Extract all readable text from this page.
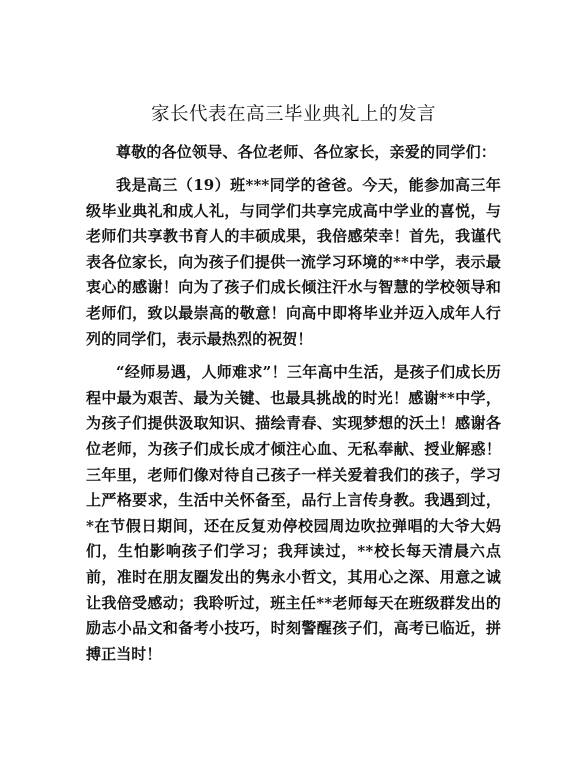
家长代表在高三毕业典礼上的发言

尊敬的各位领导、各位老师、各位家长，亲爱的同学们：

我是高三（19）班***同学的爸爸。今天，能参加高三年级毕业典礼和成人礼，与同学们共享完成高中学业的喜悦，与老师们共享教书育人的丰硕成果，我倍感荣幸！首先，我谨代表各位家长，向为孩子们提供一流学习环境的**中学，表示最衷心的感谢！向为了孩子们成长倾注汗水与智慧的学校领导和老师们，致以最崇高的敬意！向高中即将毕业并迈入成年人行列的同学们，表示最热烈的祝贺！

“经师易遇，人师难求”！三年高中生活，是孩子们成长历程中最为艰苦、最为关键、也最具挑战的时光！感谢**中学，为孩子们提供汲取知识、描绘青春、实现梦想的沃土！感谢各位老师，为孩子们成长成才倾注心血、无私奉献、授业解惑！三年里，老师们像对待自己孩子一样关爱着我们的孩子，学习上严格要求，生活中关怀备至，品行上言传身教。我遇到过，*在节假日期间，还在反复劝停校园周边吹拉弹唱的大爷大妈们，生怕影响孩子们学习；我拜读过，**校长每天清晨六点前，准时在朋友圈发出的隽永小哲文，其用心之深、用意之诚让我倍受感动；我聆听过，班主任**老师每天在班级群发出的励志小品文和备考小技巧，时刻警醒孩子们，高考已临近，拼搏正当时！
